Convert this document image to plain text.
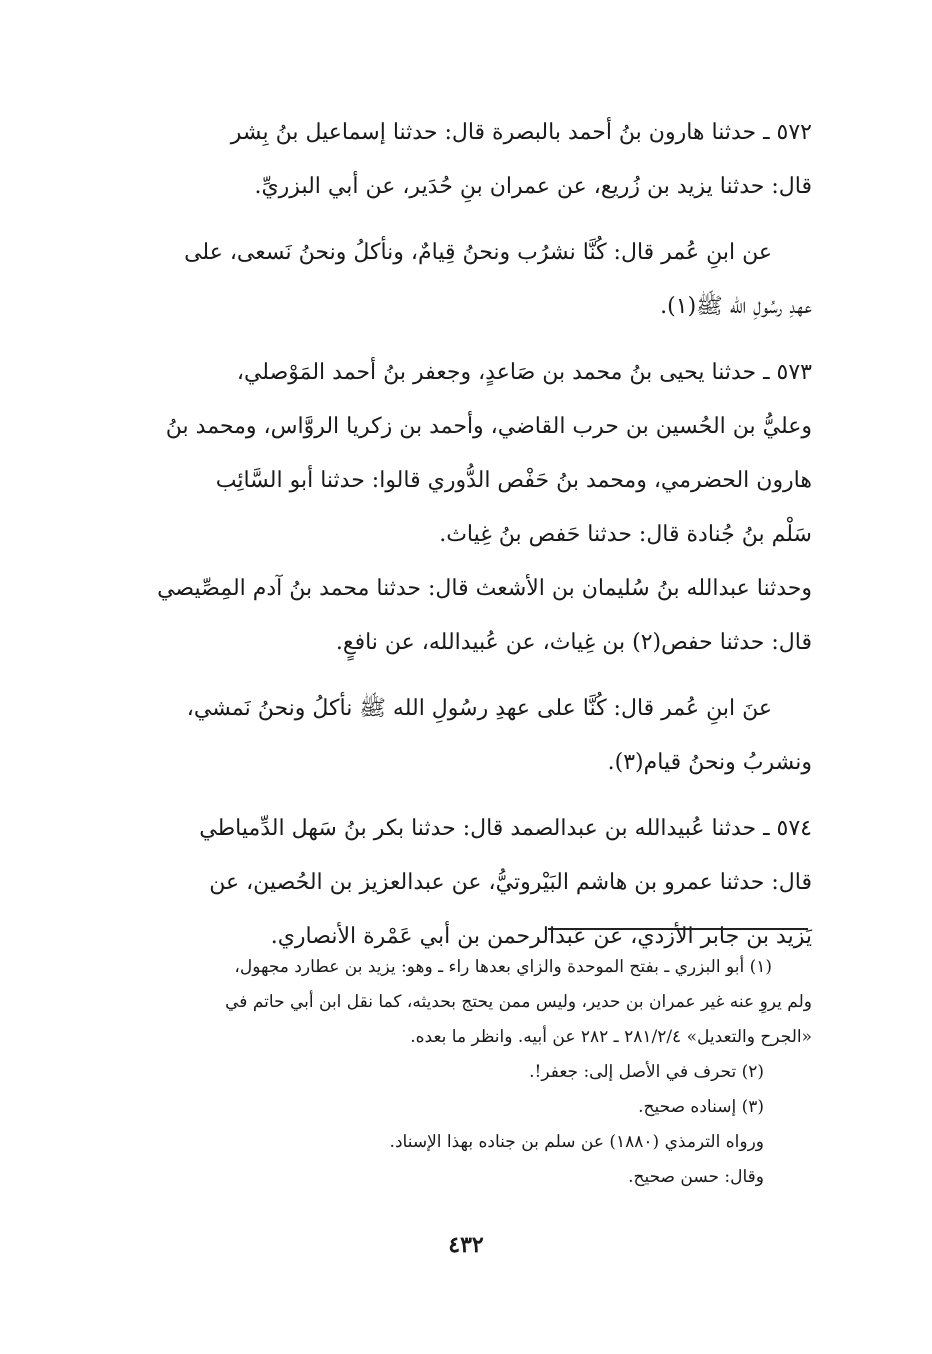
٥٧٢ ـ حدثنا هارون بنُ أحمد بالبصرة قال: حدثنا إسماعيل بنُ بِشر

قال: حدثنا يزيد بن زُريع، عن عمران بنِ حُدَير، عن أبي البزريِّ.

عن ابنِ عُمر قال: كُنَّا نشرُب ونحنُ قِيامٌ، ونأكلُ ونحنُ نَسعى، على

عهدِ رسُولِ الله ﷺ(١).

٥٧٣ ـ حدثنا يحيى بنُ محمد بن صَاعدٍ، وجعفر بنُ أحمد المَوْصلي،

وعليُّ بن الحُسين بن حرب القاضي، وأحمد بن زكريا الروَّاس، ومحمد بنُ

هارون الحضرمي، ومحمد بنُ حَفْص الدُّوري قالوا: حدثنا أبو السَّائِب

سَلْم بنُ جُنادة قال: حدثنا حَفص بنُ غِياث.

وحدثنا عبدالله بنُ سُليمان بن الأشعث قال: حدثنا محمد بنُ آدم المِصِّيصي

قال: حدثنا حفص(٢) بن غِياث، عن عُبيدالله، عن نافعٍ.

عنَ ابنِ عُمر قال: كُنَّا على عهدِ رسُولِ الله ﷺ نأكلُ ونحنُ نَمشي،

ونشربُ ونحنُ قيام(٣).

٥٧٤ ـ حدثنا عُبيدالله بن عبدالصمد قال: حدثنا بكر بنُ سَهل الدِّمياطي

قال: حدثنا عمرو بن هاشم البَيْروتيُّ، عن عبدالعزيز بن الحُصين، عن

يَزيد بن جابر الأزدي، عن عَبدالرحمن بن أبي عَمْرة الأنصاري.

(١) أبو البزري ـ بفتح الموحدة والزاي بعدها راء ـ وهو: يزيد بن عطارد مجهول،

ولم يروِ عنه غير عمران بن حدير، وليس ممن يحتج بحديثه، كما نقل ابن أبي حاتم في

«الجرح والتعديل» ٢٨١/٢/٤ ـ ٢٨٢ عن أبيه. وانظر ما بعده.

(٢) تحرف في الأصل إلى: جعفر!.

(٣) إسناده صحيح.

ورواه الترمذي (١٨٨٠) عن سلم بن جناده بهذا الإسناد.

وقال: حسن صحيح.

٤٣٢
